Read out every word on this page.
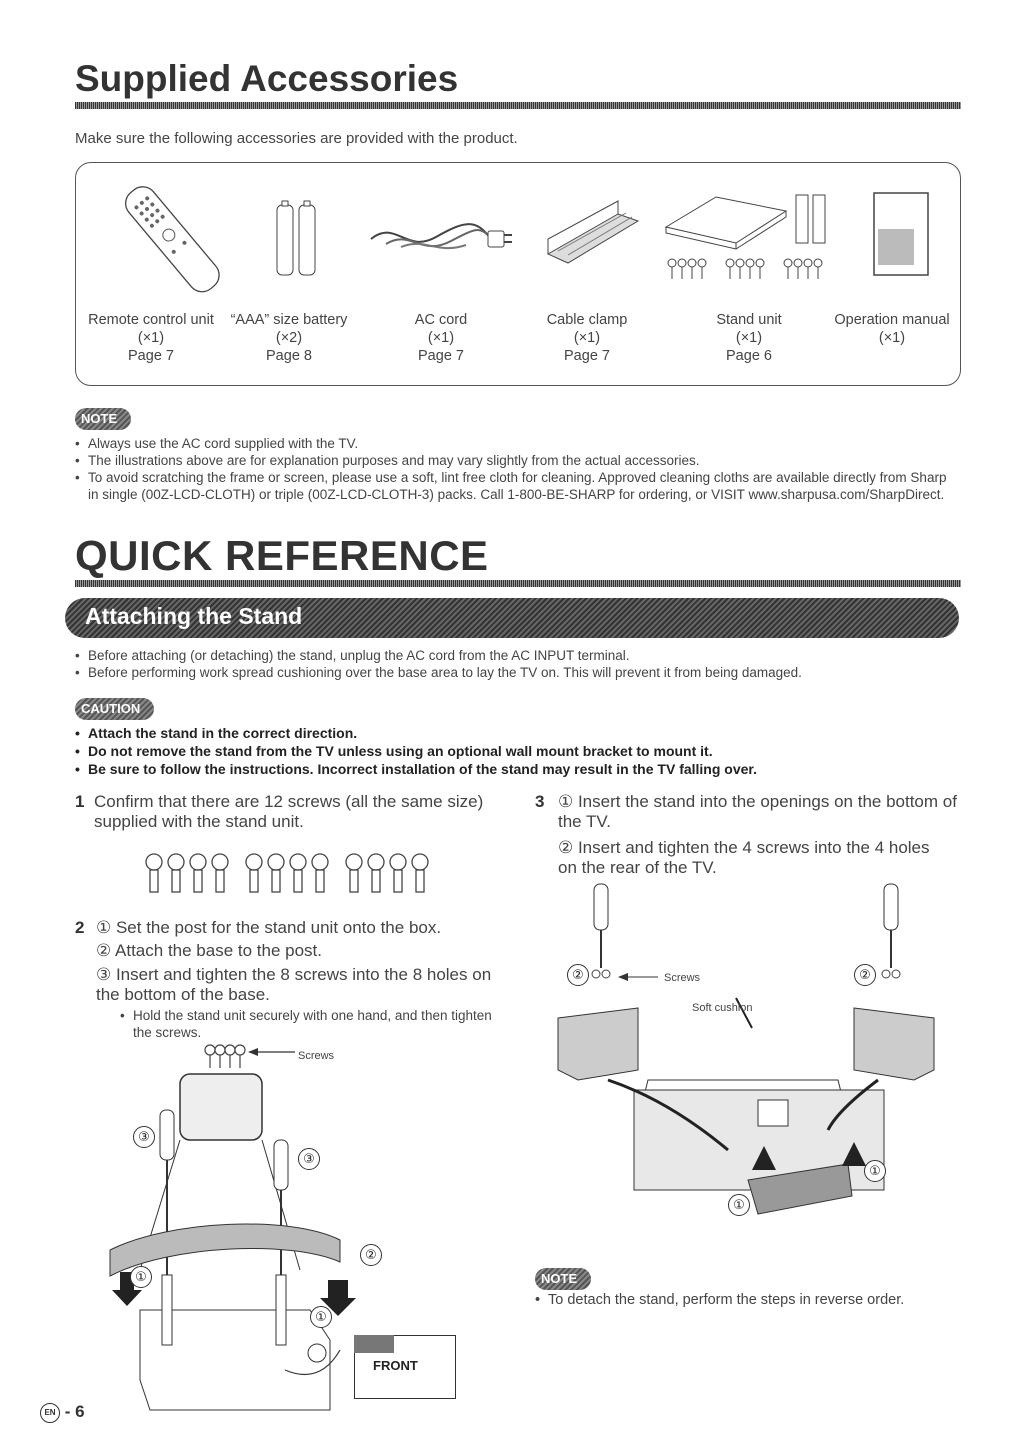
Supplied Accessories
Make sure the following accessories are provided with the product.
Remote control unit
(×1)
Page 7
“AAA” size battery
(×2)
Page 8
AC cord
(×1)
Page 7
Cable clamp
(×1)
Page 7
Stand unit
(×1)
Page 6
Operation manual
(×1)
NOTE
• Always use the AC cord supplied with the TV.
• The illustrations above are for explanation purposes and may vary slightly from the actual accessories.
• To avoid scratching the frame or screen, please use a soft, lint free cloth for cleaning. Approved cleaning cloths are available directly from Sharp in single (00Z-LCD-CLOTH) or triple (00Z-LCD-CLOTH-3) packs. Call 1-800-BE-SHARP for ordering, or VISIT www.sharpusa.com/SharpDirect.
QUICK REFERENCE
Attaching the Stand
• Before attaching (or detaching) the stand, unplug the AC cord from the AC INPUT terminal.
• Before performing work spread cushioning over the base area to lay the TV on. This will prevent it from being damaged.
CAUTION
• Attach the stand in the correct direction.
• Do not remove the stand from the TV unless using an optional wall mount bracket to mount it.
• Be sure to follow the instructions. Incorrect installation of the stand may result in the TV falling over.
1 Confirm that there are 12 screws (all the same size) supplied with the stand unit.
2 ① Set the post for the stand unit onto the box.
② Attach the base to the post.
③ Insert and tighten the 8 screws into the 8 holes on the bottom of the base.
• Hold the stand unit securely with one hand, and then tighten the screws.
Screws
③
③
②
①
①
FRONT
3 ① Insert the stand into the openings on the bottom of the TV.
② Insert and tighten the 4 screws into the 4 holes on the rear of the TV.
Screws
Soft cushion
②	②
①
①
NOTE
• To detach the stand, perform the steps in reverse order.
EN - 6
